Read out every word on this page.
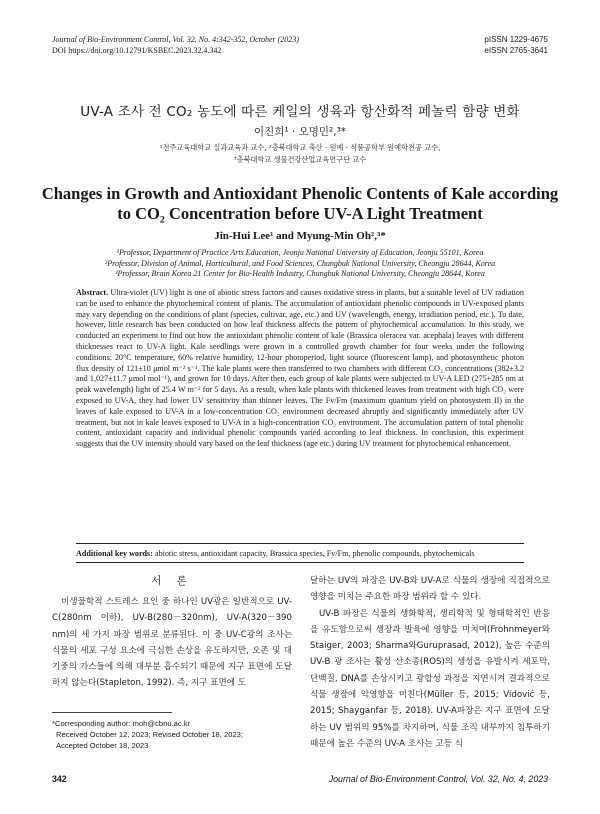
Journal of Bio-Environment Control, Vol. 32, No. 4:342-352, October (2023)
DOI https://doi.org/10.12791/KSBEC.2023.32.4.342
pISSN 1229-4675
eISSN 2765-3641
UV-A 조사 전 CO₂ 농도에 따른 케일의 생육과 항산화적 페놀릭 함량 변화
이진희¹ · 오명민²,³*
¹전주교육대학교 실과교육과 교수, ²충북대학교 축산 · 원예 · 식품공학부 원예학전공 교수,
³충북대학교 생물건강산업교육연구단 교수
Changes in Growth and Antioxidant Phenolic Contents of Kale according
to CO₂ Concentration before UV-A Light Treatment
Jin-Hui Lee¹ and Myung-Min Oh²,³*
¹Professor, Department of Practice Arts Education, Jeonju National University of Education, Jeonju 55101, Korea
²Professor, Division of Animal, Horticultural, and Food Sciences, Chungbuk National University, Cheongju 28644, Korea
³Professor, Brain Korea 21 Center for Bio-Health Industry, Chungbuk National University, Cheongju 28644, Korea
Abstract. Ultra-violet (UV) light is one of abiotic stress factors and causes oxidative stress in plants, but a suitable level of UV radiation can be used to enhance the phytochemical content of plants. The accumulation of antioxidant phenolic compounds in UV-exposed plants may vary depending on the conditions of plant (species, cultivar, age, etc.) and UV (wavelength, energy, irradiation period, etc.). To date, however, little research has been conducted on how leaf thickness affects the pattern of phytochemical accumulation. In this study, we conducted an experiment to find out how the antioxidant phenolic content of kale (Brassica oleracea var. acephala) leaves with different thicknesses react to UV-A light. Kale seedlings were grown in a controlled growth chamber for four weeks under the following conditions: 20°C temperature, 60% relative humidity, 12-hour photoperiod, light source (fluorescent lamp), and photosynthetic photon flux density of 121±10 μmol m⁻² s⁻¹. The kale plants were then transferred to two chambers with different CO₂ concentrations (382±3.2 and 1,027±11.7 μmol mol⁻¹), and grown for 10 days. After then, each group of kale plants were subjected to UV-A LED (275+285 nm at peak wavelength) light of 25.4 W m⁻² for 5 days. As a result, when kale plants with thickened leaves from treatment with high CO₂ were exposed to UV-A, they had lower UV sensitivity than thinner leaves. The Fv/Fm (maximum quantum yield on photosystem II) in the leaves of kale exposed to UV-A in a low-concentration CO₂ environment decreased abruptly and significantly immediately after UV treatment, but not in kale leaves exposed to UV-A in a high-concentration CO₂ environment. The accumulation pattern of total phenolic content, antioxidant capacity and individual phenolic compounds varied according to leaf thickness. In conclusion, this experiment suggests that the UV intensity should vary based on the leaf thickness (age etc.) during UV treatment for phytochemical enhancement.
Additional key words: abiotic stress, antioxidant capacity, Brassica species, Fv/Fm, phenolic compounds, phytochemicals
서 론
비생물학적 스트레스 요인 중 하나인 UV광은 일반적으로 UV-C(280nm 이하), UV-B(280－320nm), UV-A(320－390 nm)의 세 가지 파장 범위로 분류된다. 이 중 UV-C광의 조사는 식물의 세포 구성 요소에 극심한 손상을 유도하지만, 오존 및 대기중의 가스들에 의해 대부분 흡수되기 때문에 지구 표면에 도달하지 않는다(Stapleton, 1992). 즉, 지구 표면에 도
달하는 UV의 파장은 UV-B와 UV-A로 식물의 생장에 직접적으로 영향을 미치는 주요한 파장 범위라 할 수 있다.
UV-B 파장은 식물의 생화학적, 생리학적 및 형태학적인 반응을 유도함으로써 생장과 발육에 영향을 미치며(Frohnmeyer와Staiger, 2003; Sharma와Guruprasad, 2012), 높은 수준의 UV-B 광 조사는 활성 산소종(ROS)의 생성을 유발시켜 세포막, 단백질, DNA를 손상시키고 광합성 과정을 지연시켜 결과적으로 식물 생장에 악영향을 미친다(Müller 등, 2015; Vidović 등, 2015; Shayganfar 등, 2018). UV-A파장은 지구 표면에 도달하는 UV 범위의 95%를 차지하며, 식물 조직 내부까지 침투하기 때문에 높은 수준의 UV-A 조사는 고등 식
*Corresponding author: moh@cbnu.ac.kr
Received October 12, 2023; Revised October 18, 2023;
Accepted October 18, 2023
342	Journal of Bio-Environment Control, Vol. 32, No. 4, 2023
